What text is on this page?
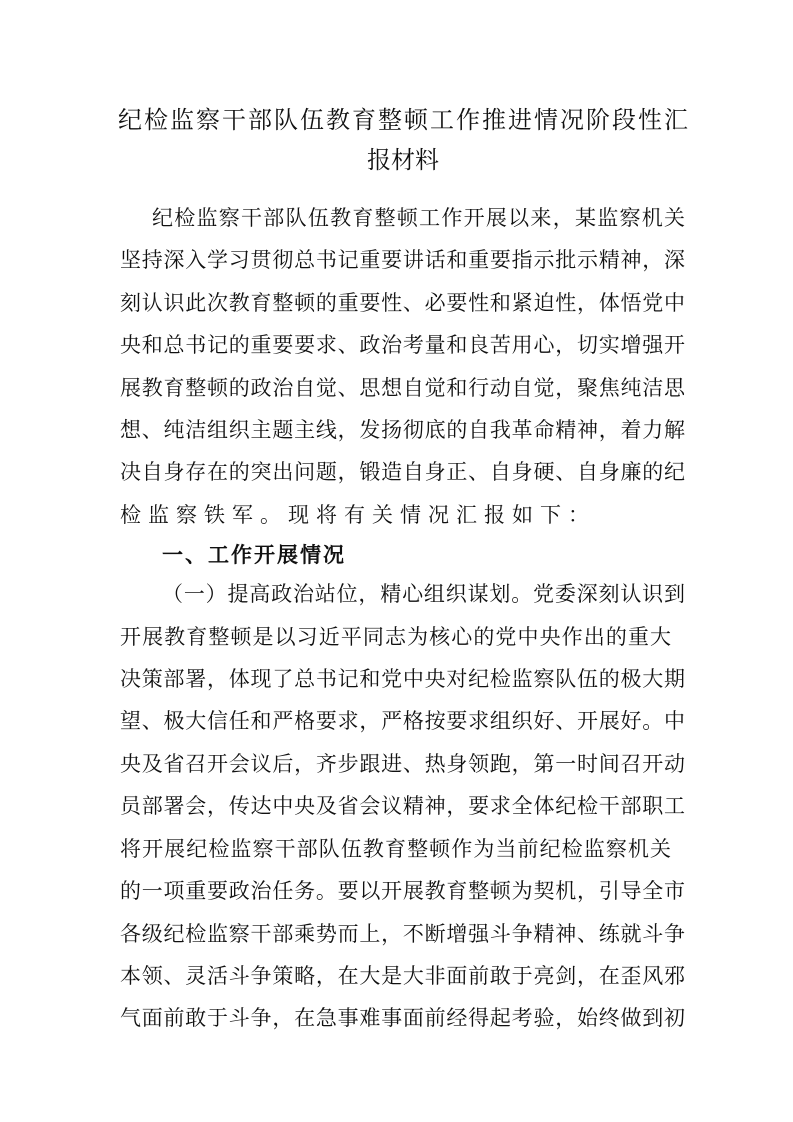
纪检监察干部队伍教育整顿工作推进情况阶段性汇
报材料
纪检监察干部队伍教育整顿工作开展以来，某监察机关
坚持深入学习贯彻总书记重要讲话和重要指示批示精神，深
刻认识此次教育整顿的重要性、必要性和紧迫性，体悟党中
央和总书记的重要要求、政治考量和良苦用心，切实增强开
展教育整顿的政治自觉、思想自觉和行动自觉，聚焦纯洁思
想、纯洁组织主题主线，发扬彻底的自我革命精神，着力解
决自身存在的突出问题，锻造自身正、自身硬、自身廉的纪
检监察铁军。现将有关情况汇报如下：
一、工作开展情况
（一）提高政治站位，精心组织谋划。党委深刻认识到
开展教育整顿是以习近平同志为核心的党中央作出的重大
决策部署，体现了总书记和党中央对纪检监察队伍的极大期
望、极大信任和严格要求，严格按要求组织好、开展好。中
央及省召开会议后，齐步跟进、热身领跑，第一时间召开动
员部署会，传达中央及省会议精神，要求全体纪检干部职工
将开展纪检监察干部队伍教育整顿作为当前纪检监察机关
的一项重要政治任务。要以开展教育整顿为契机，引导全市
各级纪检监察干部乘势而上，不断增强斗争精神、练就斗争
本领、灵活斗争策略，在大是大非面前敢于亮剑，在歪风邪
气面前敢于斗争，在急事难事面前经得起考验，始终做到初
